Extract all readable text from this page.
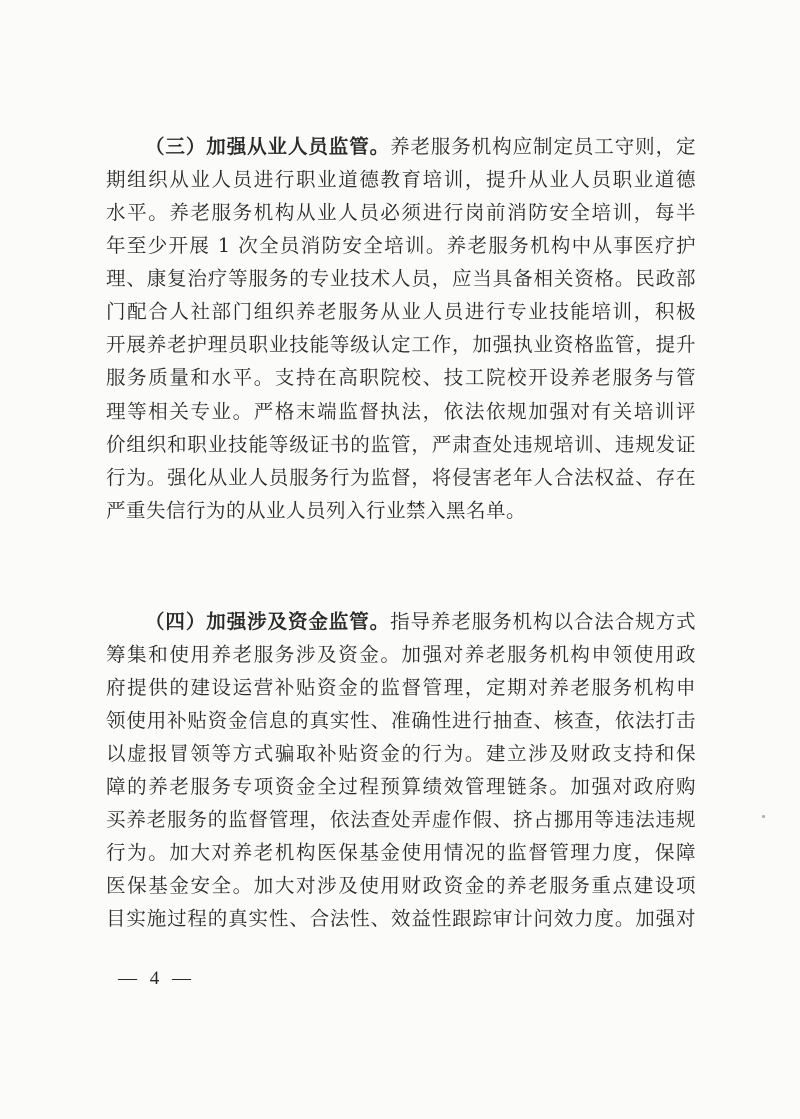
（三）加强从业人员监管。养老服务机构应制定员工守则，定
期组织从业人员进行职业道德教育培训，提升从业人员职业道德
水平。养老服务机构从业人员必须进行岗前消防安全培训，每半
年至少开展 1 次全员消防安全培训。养老服务机构中从事医疗护
理、康复治疗等服务的专业技术人员，应当具备相关资格。民政部
门配合人社部门组织养老服务从业人员进行专业技能培训，积极
开展养老护理员职业技能等级认定工作，加强执业资格监管，提升
服务质量和水平。支持在高职院校、技工院校开设养老服务与管
理等相关专业。严格末端监督执法，依法依规加强对有关培训评
价组织和职业技能等级证书的监管，严肃查处违规培训、违规发证
行为。强化从业人员服务行为监督，将侵害老年人合法权益、存在
严重失信行为的从业人员列入行业禁入黑名单。
（四）加强涉及资金监管。指导养老服务机构以合法合规方式
筹集和使用养老服务涉及资金。加强对养老服务机构申领使用政
府提供的建设运营补贴资金的监督管理，定期对养老服务机构申
领使用补贴资金信息的真实性、准确性进行抽查、核查，依法打击
以虚报冒领等方式骗取补贴资金的行为。建立涉及财政支持和保
障的养老服务专项资金全过程预算绩效管理链条。加强对政府购
买养老服务的监督管理，依法查处弄虚作假、挤占挪用等违法违规
行为。加大对养老机构医保基金使用情况的监督管理力度，保障
医保基金安全。加大对涉及使用财政资金的养老服务重点建设项
目实施过程的真实性、合法性、效益性跟踪审计问效力度。加强对
— 4 —
